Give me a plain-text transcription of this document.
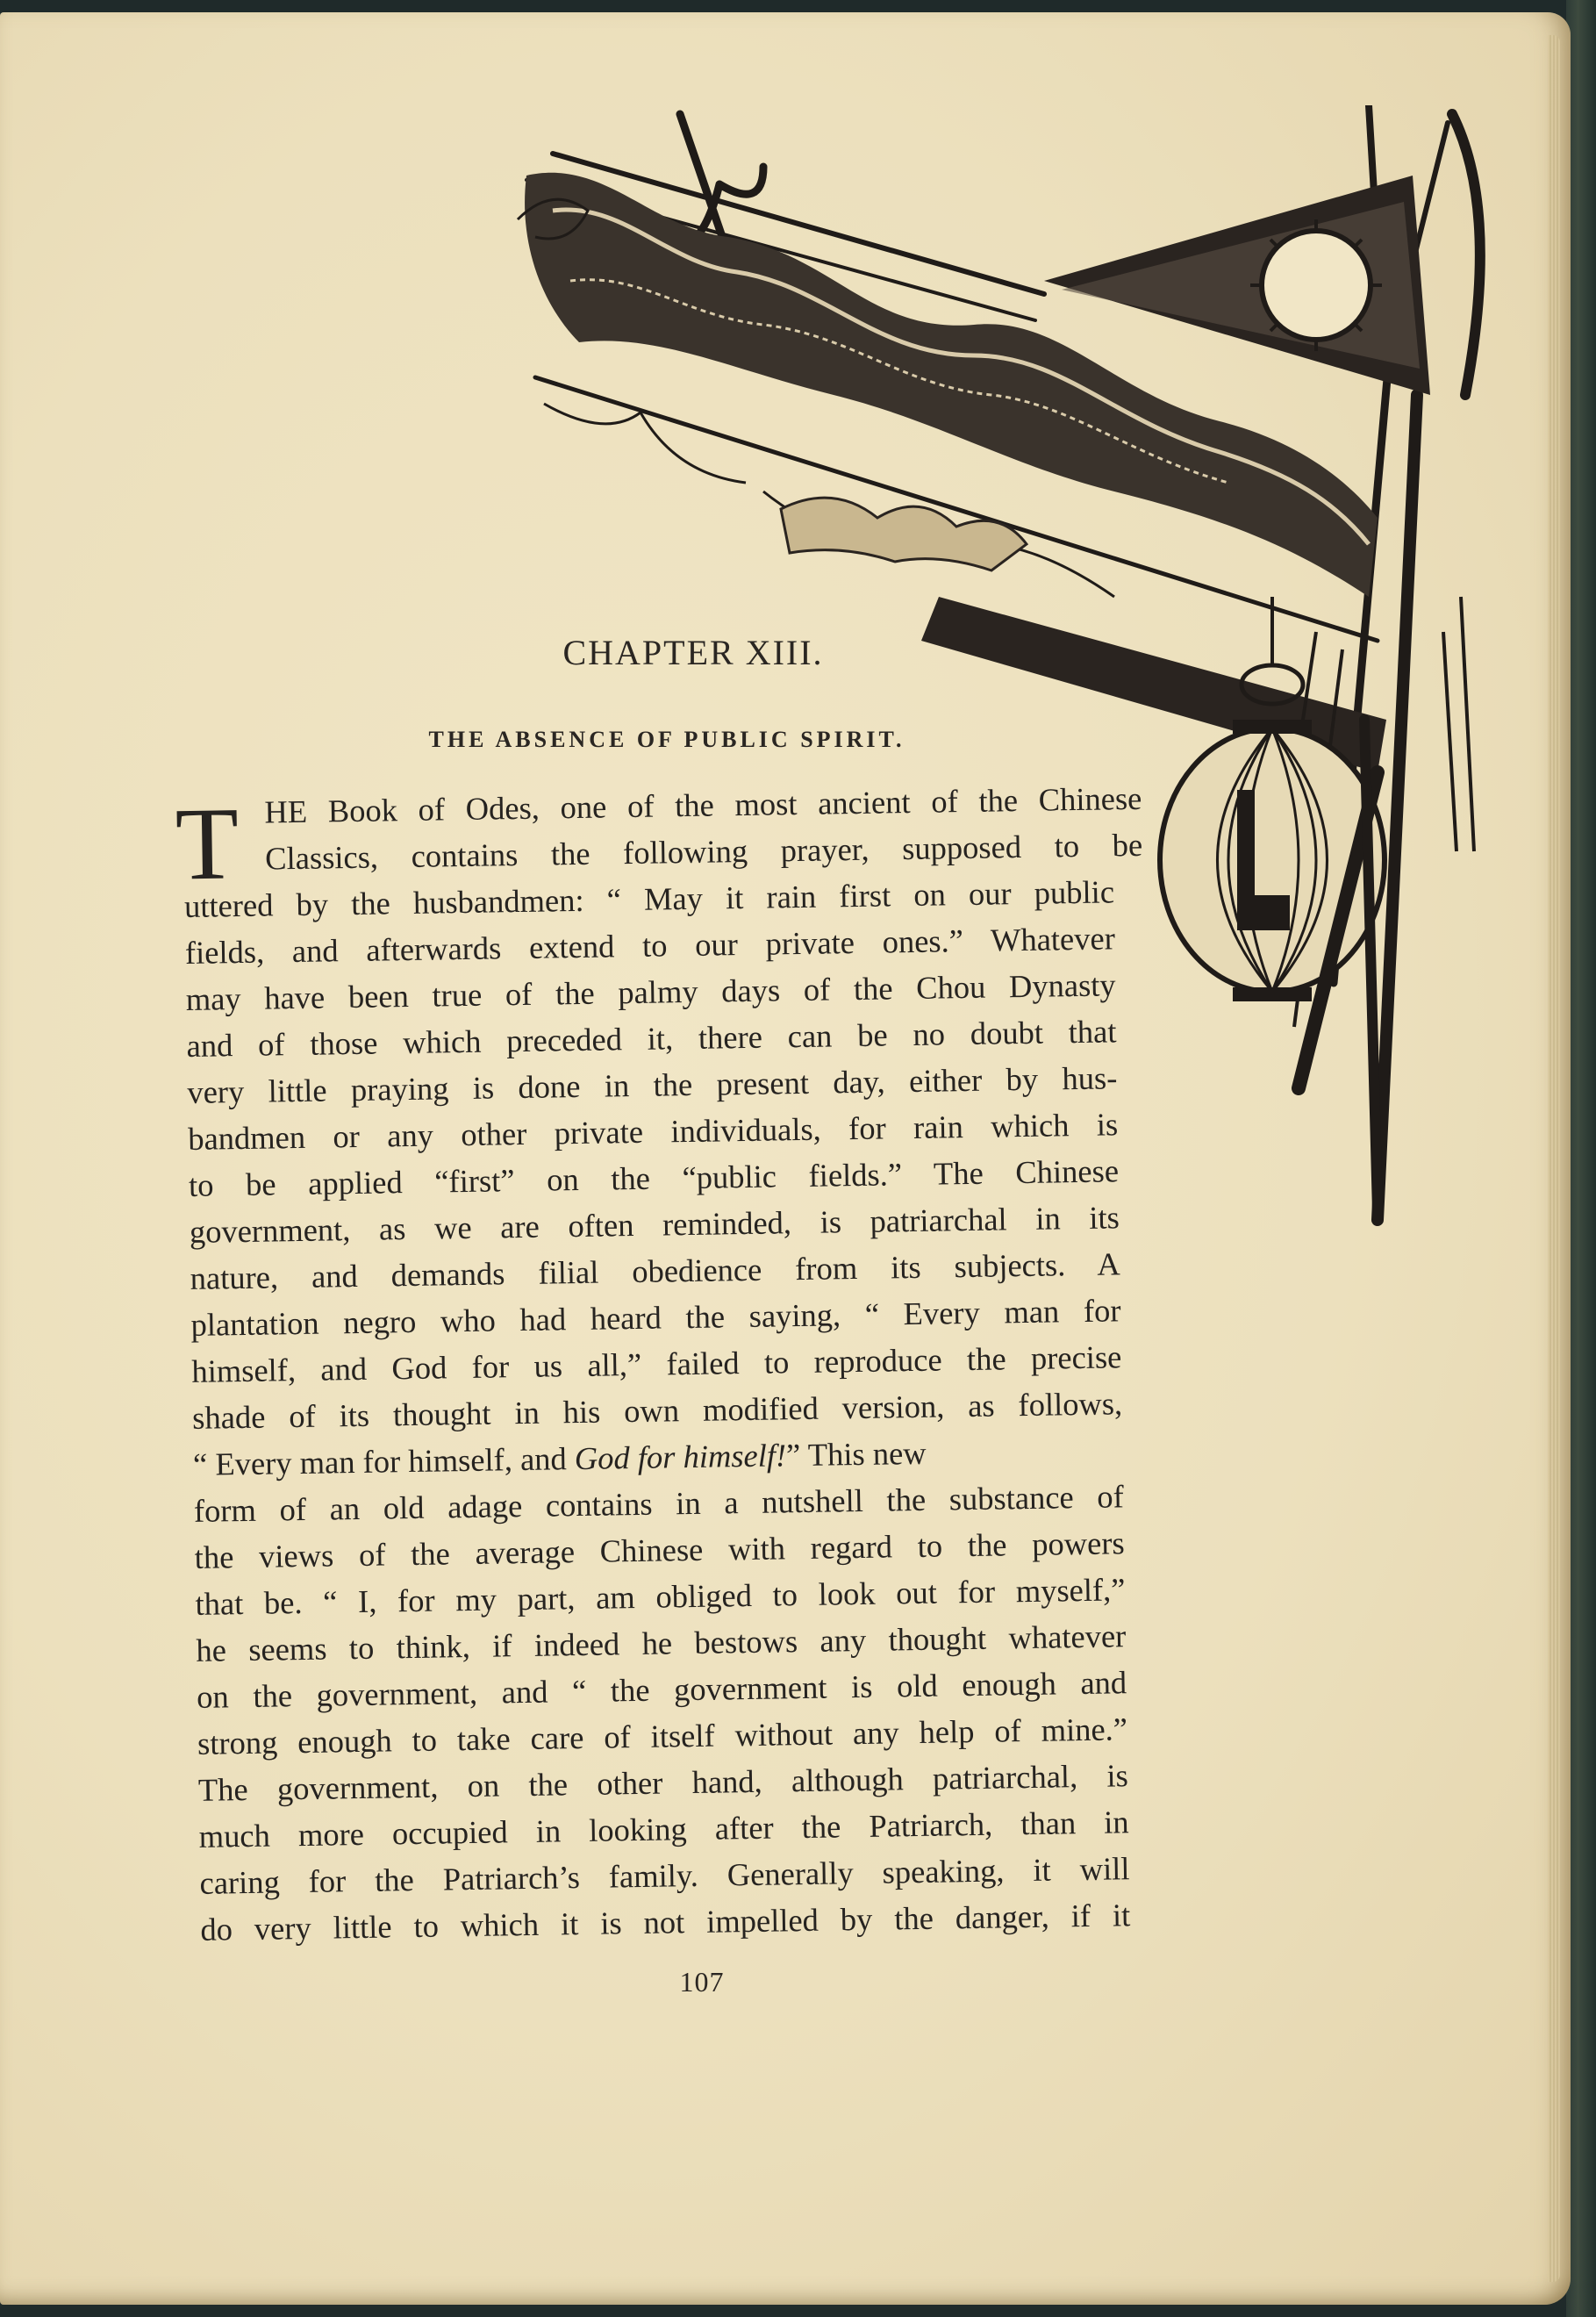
CHAPTER XIII.
THE ABSENCE OF PUBLIC SPIRIT.
T HE Book of Odes, one of the most ancient of the Chinese
Classics, contains the following prayer, supposed to be
uttered by the husbandmen: “ May it rain first on our public
fields, and afterwards extend to our private ones.” Whatever
may have been true of the palmy days of the Chou Dynasty
and of those which preceded it, there can be no doubt that
very little praying is done in the present day, either by hus-
bandmen or any other private individuals, for rain which is
to be applied “first” on the “public fields.” The Chinese
government, as we are often reminded, is patriarchal in its
nature, and demands filial obedience from its subjects. A
plantation negro who had heard the saying, “ Every man for
himself, and God for us all,” failed to reproduce the precise
shade of its thought in his own modified version, as follows,
“ Every man for himself, and God for himself!” This new
form of an old adage contains in a nutshell the substance of
the views of the average Chinese with regard to the powers
that be. “ I, for my part, am obliged to look out for myself,”
he seems to think, if indeed he bestows any thought whatever
on the government, and “ the government is old enough and
strong enough to take care of itself without any help of mine.”
The government, on the other hand, although patriarchal, is
much more occupied in looking after the Patriarch, than in
caring for the Patriarch’s family. Generally speaking, it will
do very little to which it is not impelled by the danger, if it
107
